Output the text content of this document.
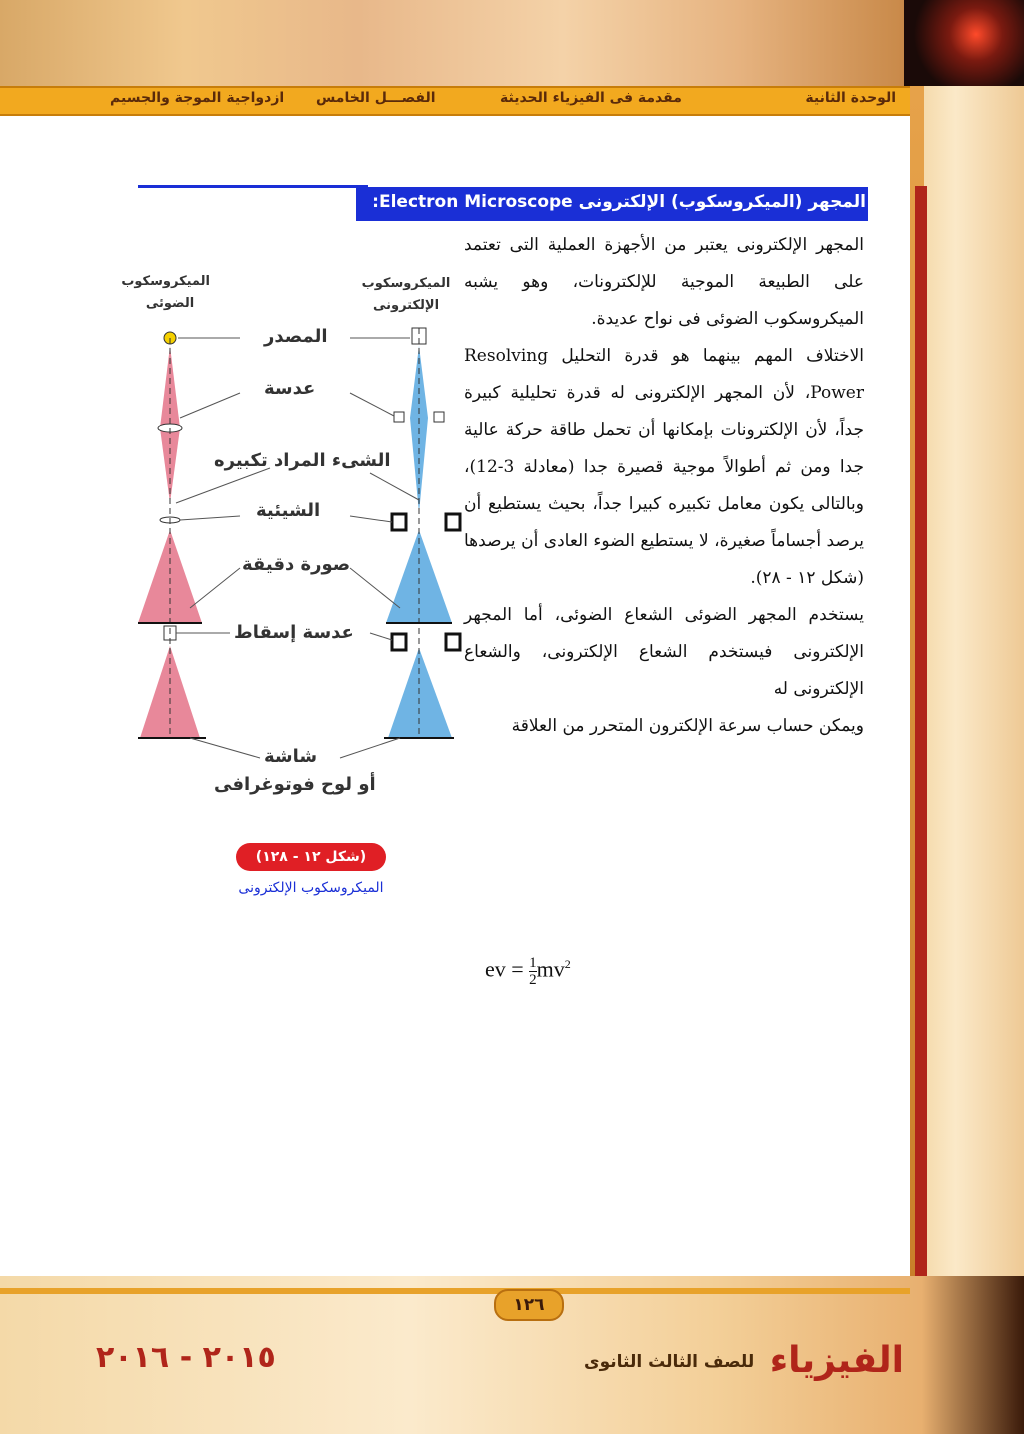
الوحدة الثانية
مقدمة فى الفيزياء الحديثة
الفصـــل الخامس
ازدواجية الموجة والجسيم
المجهر (الميكروسكوب) الإلكترونى Electron Microscope:

المجهر الإلكترونى يعتبر من الأجهزة العملية التى تعتمد على الطبيعة الموجية للإلكترونات، وهو يشبه الميكروسكوب الضوئى فى نواح عديدة.

الاختلاف المهم بينهما هو قدرة التحليل Resolving Power، لأن المجهر الإلكترونى له قدرة تحليلية كبيرة جداً، لأن الإلكترونات بإمكانها أن تحمل طاقة حركة عالية جدا ومن ثم أطوالاً موجية قصيرة جدا (معادلة 3-12)، وبالتالى يكون معامل تكبيره كبيرا جداً، بحيث يستطيع أن يرصد أجساماً صغيرة، لا يستطيع الضوء العادى أن يرصدها (شكل ١٢ - ٢٨).

يستخدم المجهر الضوئى الشعاع الضوئى، أما المجهر الإلكترونى فيستخدم الشعاع الإلكترونى، والشعاع الإلكترونى له

ويمكن حساب سرعة الإلكترون المتحرر من العلاقة

ev = $\frac{1}{2} mv^2$
الميكروسكوب
الضوئى
الميكروسكوب
الإلكترونى
المصدر
عدسة
الشىء المراد تكبيره
الشيئية
صورة دقيقة
عدسة إسقاط
شاشة
أو لوح فوتوغرافى
(شكل ١٢ - ١٢٨)
الميكروسكوب الإلكترونى
١٢٦
الفيزياء
للصف الثالث الثانوى
٢٠١٥ - ٢٠١٦
